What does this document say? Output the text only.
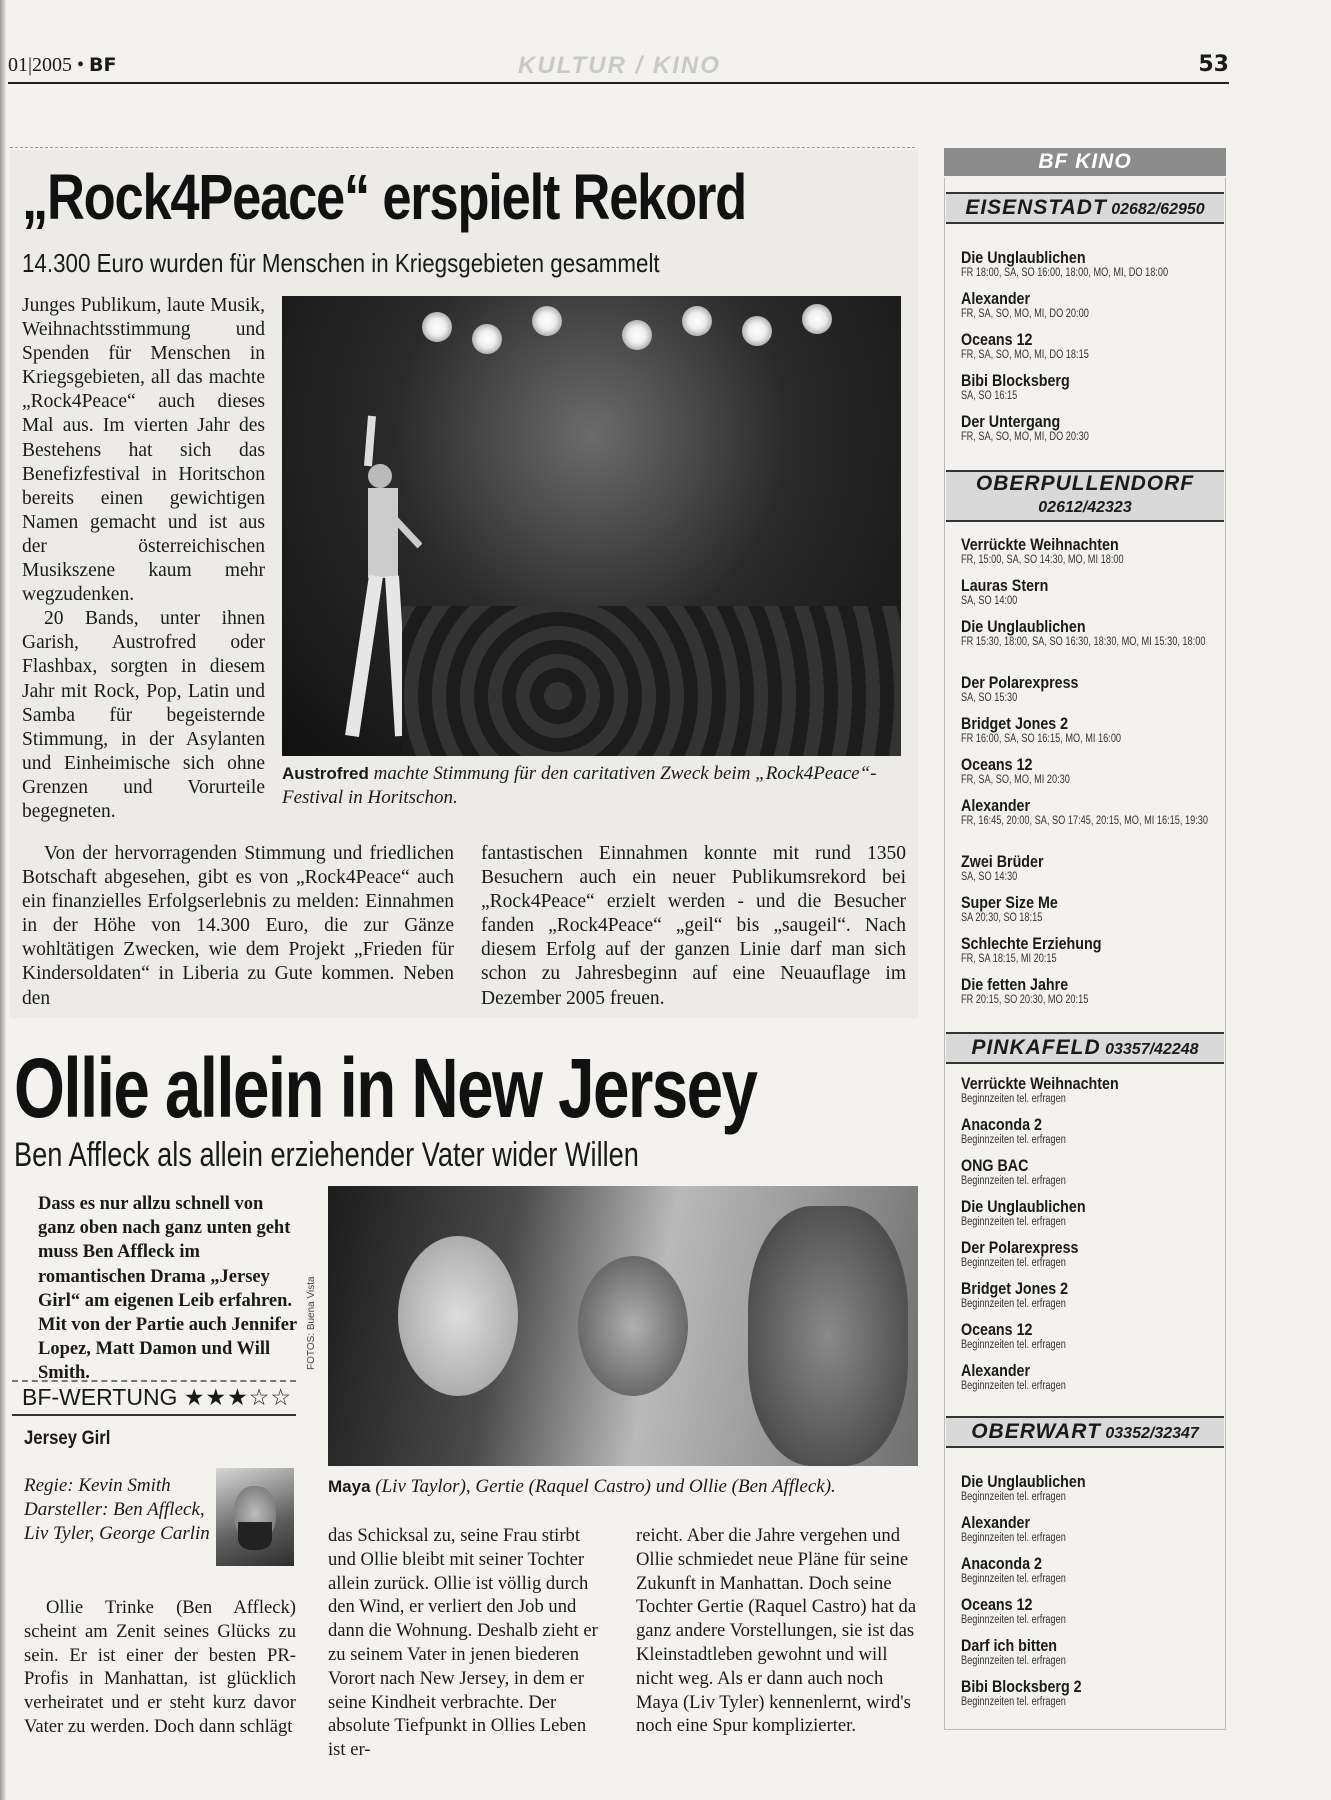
01|2005 • BF	KULTUR / KINO	53
„Rock4Peace“ erspielt Rekord
14.300 Euro wurden für Menschen in Kriegsgebieten gesammelt

Junges Publikum, laute Musik, Weihnachtsstimmung und Spenden für Menschen in Kriegsgebieten, all das machte „Rock4Peace“ auch dieses Mal aus. Im vierten Jahr des Bestehens hat sich das Benefizfestival in Horitschon bereits einen gewichtigen Namen gemacht und ist aus der österreichischen Musikszene kaum mehr wegzudenken.

20 Bands, unter ihnen Garish, Austrofred oder Flashbax, sorgten in diesem Jahr mit Rock, Pop, Latin und Samba für begeisternde Stimmung, in der Asylanten und Einheimische sich ohne Grenzen und Vorurteile begegneten.

Von der hervorragenden Stimmung und friedlichen Botschaft abgesehen, gibt es von „Rock4Peace“ auch ein finanzielles Erfolgserlebnis zu melden: Einnahmen in der Höhe von 14.300 Euro, die zur Gänze wohltätigen Zwecken, wie dem Projekt „Frieden für Kindersoldaten“ in Liberia zu Gute kommen. Neben den

fantastischen Einnahmen konnte mit rund 1350 Besuchern auch ein neuer Publikumsrekord bei „Rock4Peace“ erzielt werden - und die Besucher fanden „Rock4Peace“ „geil“ bis „saugeil“. Nach diesem Erfolg auf der ganzen Linie darf man sich schon zu Jahresbeginn auf eine Neuauflage im Dezember 2005 freuen.

Austrofred machte Stimmung für den caritativen Zweck beim „Rock4Peace“-Festival in Horitschon.
Ollie allein in New Jersey
Ben Affleck als allein erziehender Vater wider Willen
Dass es nur allzu schnell von ganz oben nach ganz unten geht muss Ben Affleck im romantischen Drama „Jersey Girl“ am eigenen Leib erfahren. Mit von der Partie auch Jennifer Lopez, Matt Damon und Will Smith.
BF-WERTUNG ★★★☆☆
Jersey Girl
Regie: Kevin Smith
Darsteller: Ben Affleck, Liv Tyler, George Carlin
FOTOS: Buena Vista
Maya (Liv Taylor), Gertie (Raquel Castro) und Ollie (Ben Affleck).

Ollie Trinke (Ben Affleck) scheint am Zenit seines Glücks zu sein. Er ist einer der besten PR-Profis in Manhattan, ist glücklich verheiratet und er steht kurz davor Vater zu werden. Doch dann schlägt

das Schicksal zu, seine Frau stirbt und Ollie bleibt mit seiner Tochter allein zurück. Ollie ist völlig durch den Wind, er verliert den Job und dann die Wohnung. Deshalb zieht er zu seinem Vater in jenen biederen Vorort nach New Jersey, in dem er seine Kindheit verbrachte. Der absolute Tiefpunkt in Ollies Leben ist er-

reicht. Aber die Jahre vergehen und Ollie schmiedet neue Pläne für seine Zukunft in Manhattan. Doch seine Tochter Gertie (Raquel Castro) hat da ganz andere Vorstellungen, sie ist das Kleinstadtleben gewohnt und will nicht weg. Als er dann auch noch Maya (Liv Tyler) kennenlernt, wird's noch eine Spur komplizierter.

BF KINO
EISENSTADT 02682/62950
OBERPULLENDORF
02612/42323
PINKAFELD 03357/42248
OBERWART 03352/32347
Die Unglaublichen
FR 18:00, SA, SO 16:00, 18:00, MO, MI, DO 18:00
Alexander
FR, SA, SO, MO, MI, DO 20:00
Oceans 12
FR, SA, SO, MO, MI, DO 18:15
Bibi Blocksberg
SA, SO 16:15
Der Untergang
FR, SA, SO, MO, MI, DO 20:30
Verrückte Weihnachten
FR, 15:00, SA, SO 14:30, MO, MI 18:00
Lauras Stern
SA, SO 14:00
Die Unglaublichen
FR 15:30, 18:00, SA, SO 16:30, 18:30, MO, MI 15:30, 18:00
Der Polarexpress
SA, SO 15:30
Bridget Jones 2
FR 16:00, SA, SO 16:15, MO, MI 16:00
Oceans 12
FR, SA, SO, MO, MI 20:30
Alexander
FR, 16:45, 20:00, SA, SO 17:45, 20:15, MO, MI 16:15, 19:30
Zwei Brüder
SA, SO 14:30
Super Size Me
SA 20:30, SO 18:15
Schlechte Erziehung
FR, SA 18:15, MI 20:15
Die fetten Jahre
FR 20:15, SO 20:30, MO 20:15
Verrückte Weihnachten
Beginnzeiten tel. erfragen
Anaconda 2
Beginnzeiten tel. erfragen
ONG BAC
Beginnzeiten tel. erfragen
Die Unglaublichen
Beginnzeiten tel. erfragen
Der Polarexpress
Beginnzeiten tel. erfragen
Bridget Jones 2
Beginnzeiten tel. erfragen
Oceans 12
Beginnzeiten tel. erfragen
Alexander
Beginnzeiten tel. erfragen
Die Unglaublichen
Beginnzeiten tel. erfragen
Alexander
Beginnzeiten tel. erfragen
Anaconda 2
Beginnzeiten tel. erfragen
Oceans 12
Beginnzeiten tel. erfragen
Darf ich bitten
Beginnzeiten tel. erfragen
Bibi Blocksberg 2
Beginnzeiten tel. erfragen
